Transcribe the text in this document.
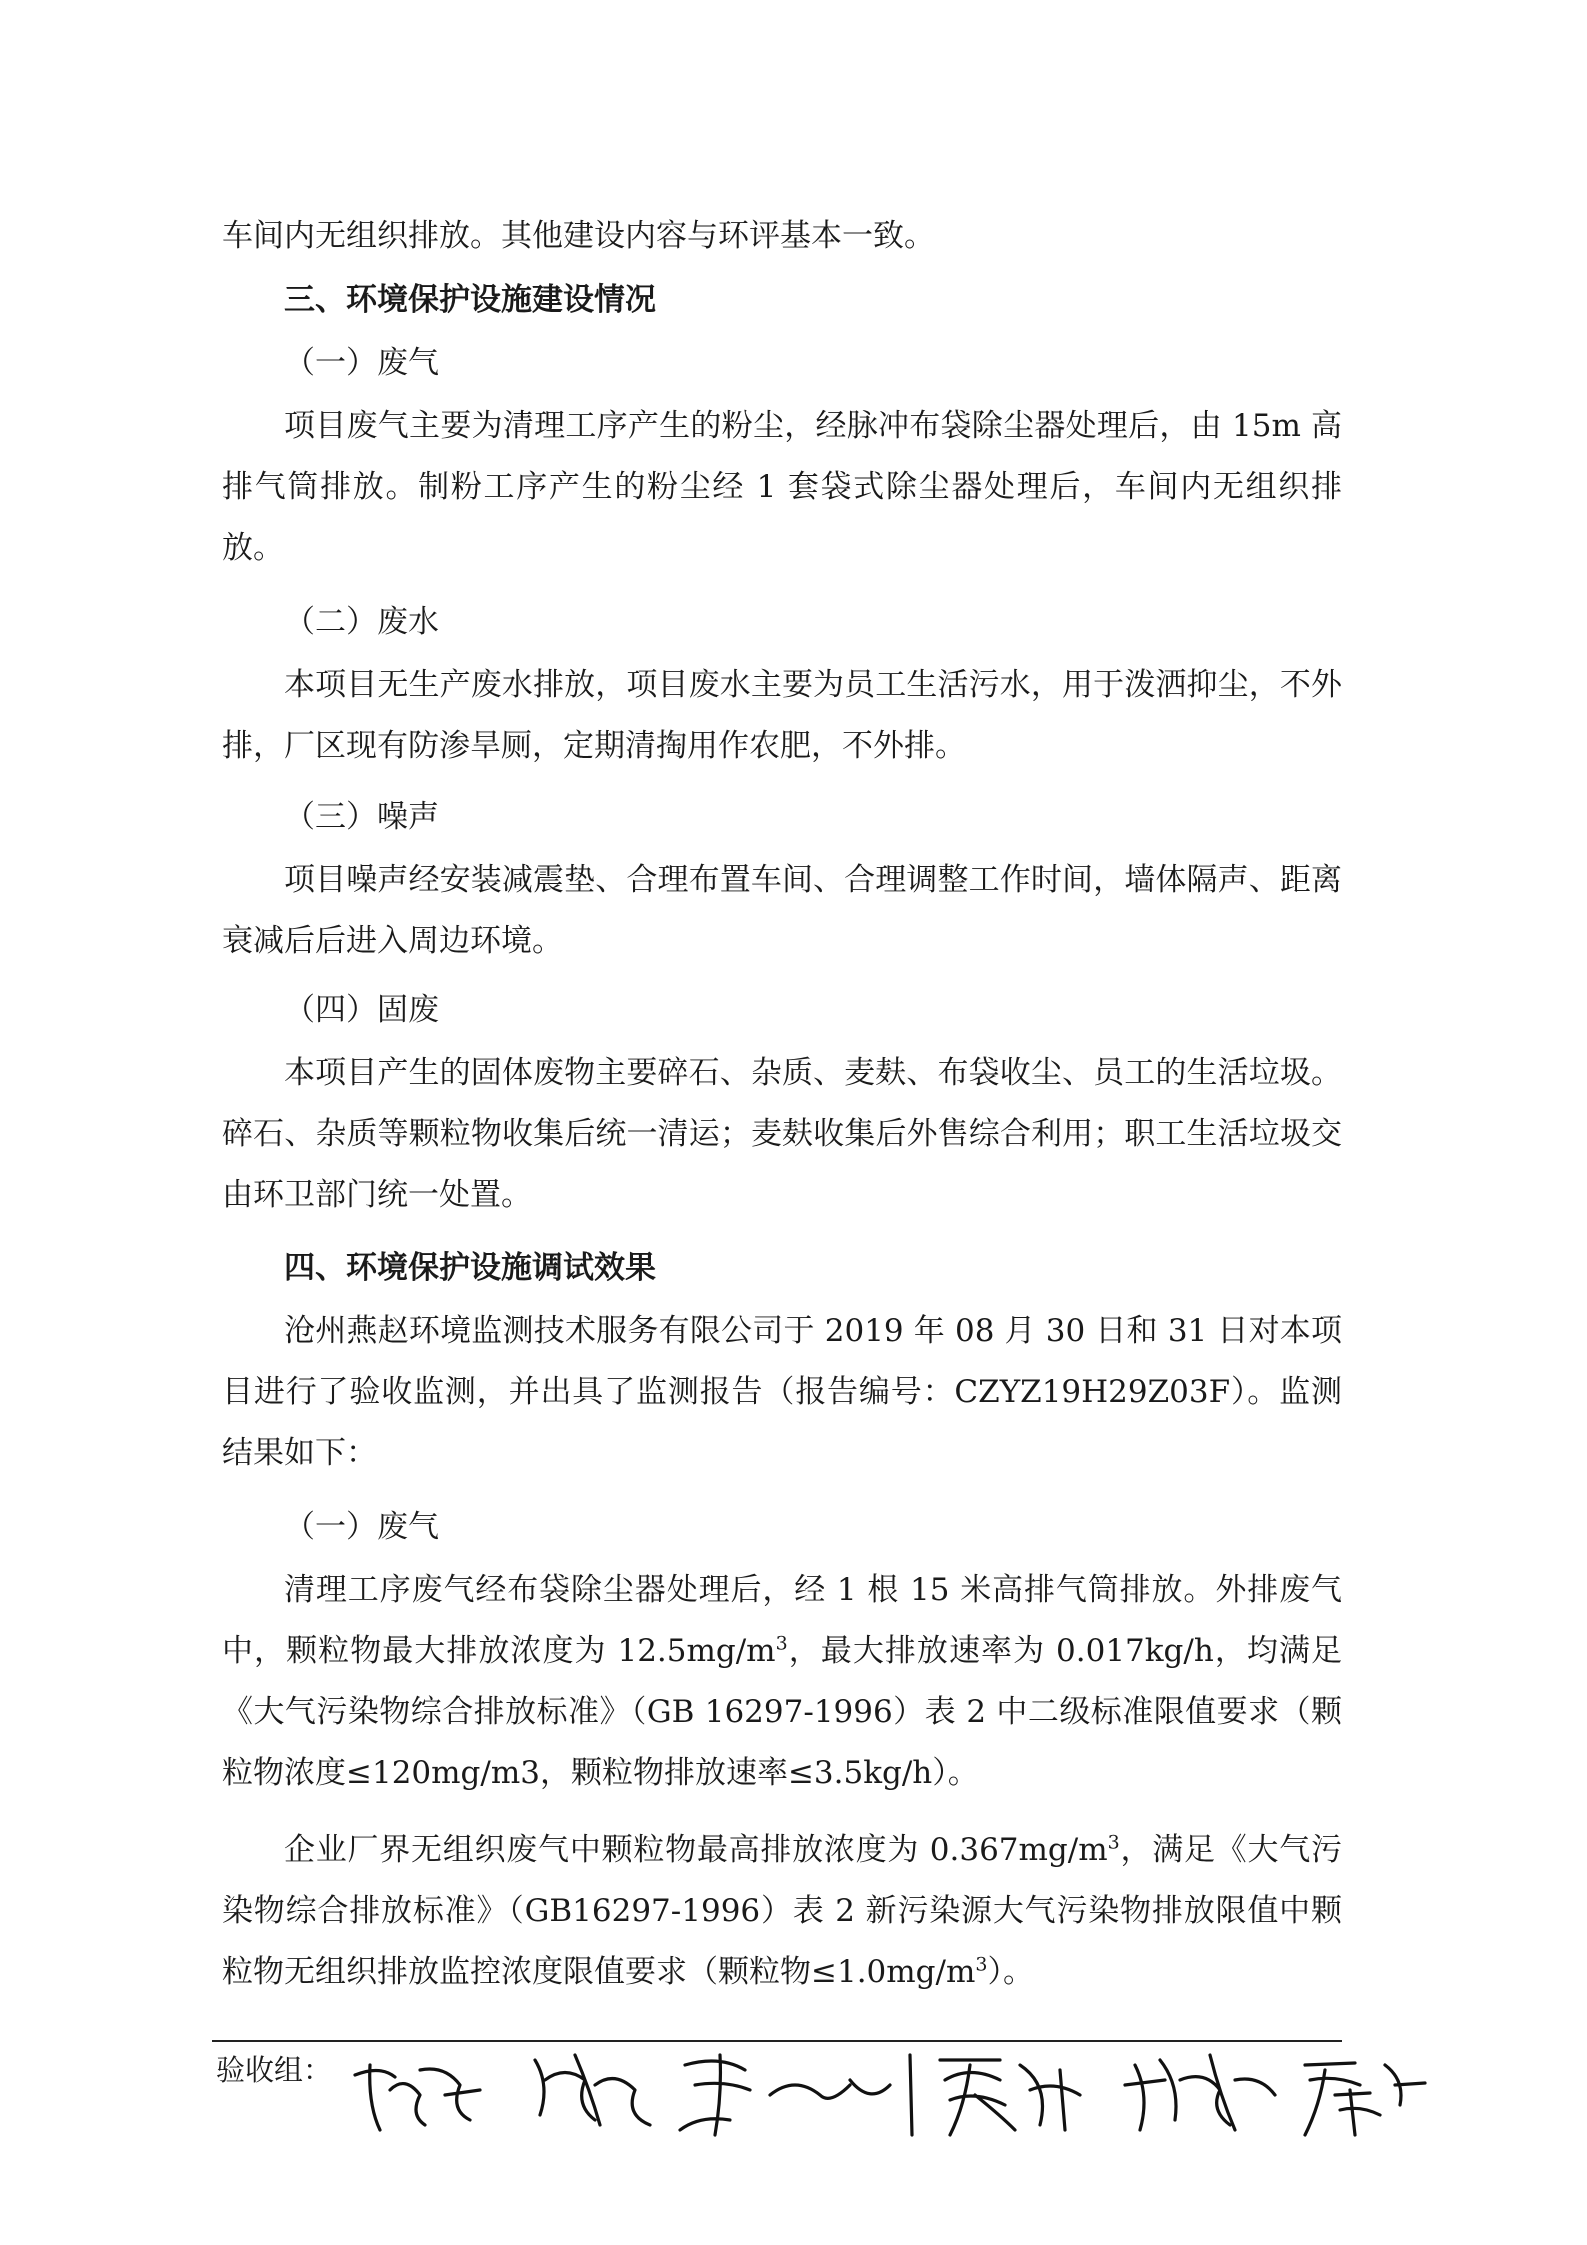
车间内无组织排放。其他建设内容与环评基本一致。

三、环境保护设施建设情况

（一）废气

项目废气主要为清理工序产生的粉尘，经脉冲布袋除尘器处理后，由 15m 高排气筒排放。制粉工序产生的粉尘经 1 套袋式除尘器处理后，车间内无组织排放。

（二）废水

本项目无生产废水排放，项目废水主要为员工生活污水，用于泼洒抑尘，不外排，厂区现有防渗旱厕，定期清掏用作农肥，不外排。

（三）噪声

项目噪声经安装减震垫、合理布置车间、合理调整工作时间，墙体隔声、距离衰减后后进入周边环境。

（四）固废

本项目产生的固体废物主要碎石、杂质、麦麸、布袋收尘、员工的生活垃圾。碎石、杂质等颗粒物收集后统一清运；麦麸收集后外售综合利用；职工生活垃圾交由环卫部门统一处置。

四、环境保护设施调试效果

沧州燕赵环境监测技术服务有限公司于 2019 年 08 月 30 日和 31 日对本项目进行了验收监测，并出具了监测报告（报告编号：CZYZ19H29Z03F）。监测结果如下：

（一）废气

清理工序废气经布袋除尘器处理后，经 1 根 15 米高排气筒排放。外排废气中，颗粒物最大排放浓度为 $12.5mg/m^3$，最大排放速率为 0.017kg/h，均满足《大气污染物综合排放标准》（GB 16297-1996）表 2 中二级标准限值要求（颗粒物浓度≤120mg/m3，颗粒物排放速率≤3.5kg/h）。

企业厂界无组织废气中颗粒物最高排放浓度为 $0.367mg/m^3$，满足《大气污染物综合排放标准》（GB16297-1996）表 2 新污染源大气污染物排放限值中颗粒物无组织排放监控浓度限值要求（颗粒物$\le 1.0mg/m^3$）。

验收组：
